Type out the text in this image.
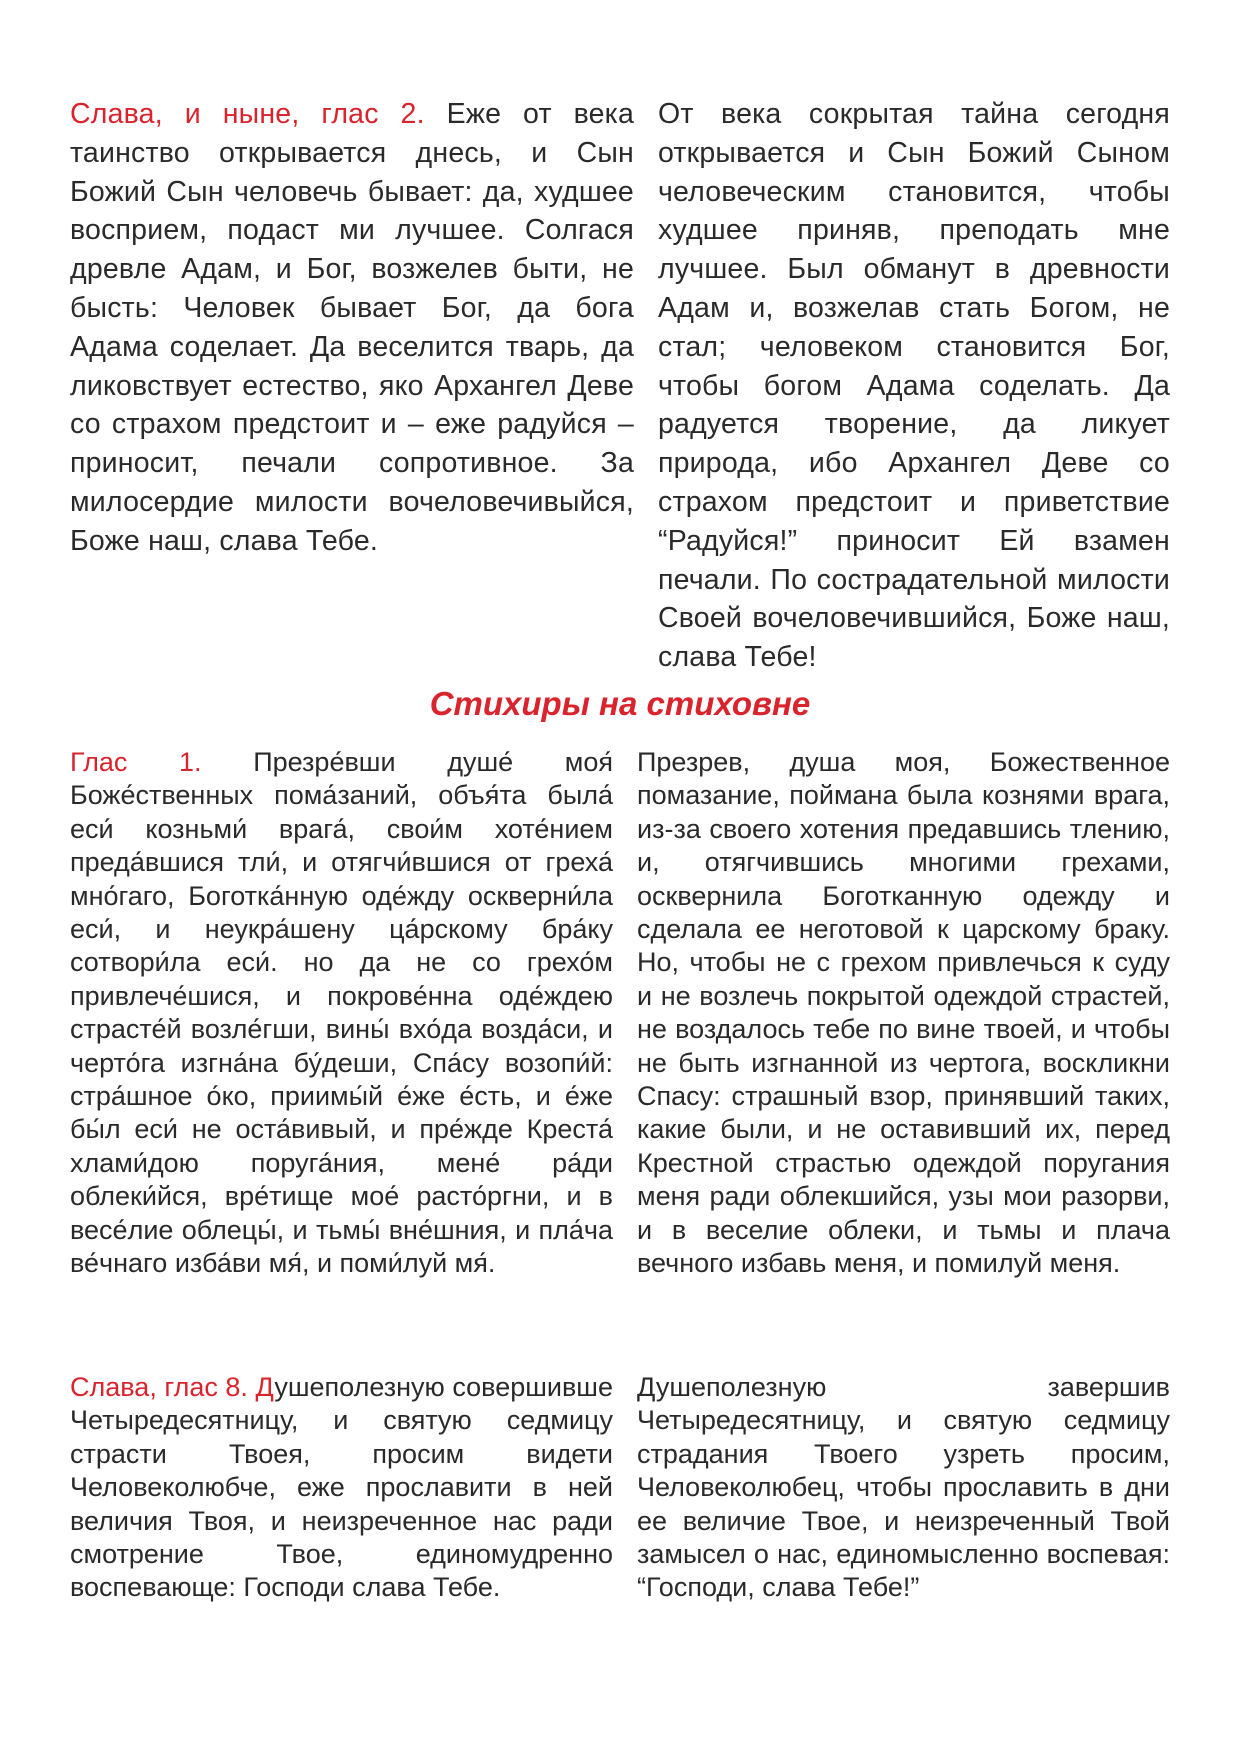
Слава, и ныне, глас 2. Еже от века таинство открывается днесь, и Сын Божий Сын человечь бывает: да, худшее восприем, подаст ми лучшее. Солгася древле Адам, и Бог, возжелев быти, не бысть: Человек бывает Бог, да бога Адама соделает. Да веселится тварь, да ликовствует естество, яко Архангел Деве со страхом предстоит и – еже радуйся – приносит, печали сопротивное. За милосердие милости вочеловечивыйся, Боже наш, слава Тебе.

От века сокрытая тайна сегодня открывается и Сын Божий Сыном человеческим становится, чтобы худшее приняв, преподать мне лучшее. Был обманут в древности Адам и, возжелав стать Богом, не стал; человеком становится Бог, чтобы богом Адама соделать. Да радуется творение, да ликует природа, ибо Архангел Деве со страхом предстоит и приветствие “Радуйся!” приносит Ей взамен печали. По сострадательной милости Своей вочеловечившийся, Боже наш, слава Тебе!

Стихиры на стиховне

Глас 1. Презре́вши душе́ моя́ Боже́ственных пома́заний, объя́та была́ еси́ козньми́ врага́, свои́м хоте́нием преда́вшися тли́, и отягчи́вшися от греха́ мно́гаго, Боготка́нную оде́жду оскверни́ла еси́, и неукра́шену ца́рскому бра́ку сотвори́ла еси́. но да не со грехо́м привлече́шися, и покрове́нна оде́ждею страсте́й возле́гши, вины́ вхо́да возда́си, и черто́га изгна́на бу́деши, Спа́су возопи́й: стра́шное о́ко, приимы́й е́же е́сть, и е́же бы́л еси́ не оста́вивый, и пре́жде Креста́ хлами́дою поруга́ния, мене́ ра́ди облеки́йся, вре́тище мое́ расто́ргни, и в весе́лие облецы́, и тьмы́ вне́шния, и пла́ча ве́чнаго изба́ви мя́, и поми́луй мя́.

Презрев, душа моя, Божественное помазание, поймана была кознями врага, из-за своего хотения предавшись тлению, и, отягчившись многими грехами, осквернила Боготканную одежду и сделала ее неготовой к царскому браку. Но, чтобы не с грехом привлечься к суду и не возлечь покрытой одеждой страстей, не воздалось тебе по вине твоей, и чтобы не быть изгнанной из чертога, воскликни Спасу: страшный взор, принявший таких, какие были, и не оставивший их, перед Крестной страстью одеждой поругания меня ради облекшийся, узы мои разорви, и в веселие облеки, и тьмы и плача вечного избавь меня, и помилуй меня.

Слава, глас 8. Душеполезную совершивше Четыредесятницу, и святую седмицу страсти Твоея, просим видети Человеколюбче, еже прославити в ней величия Твоя, и неизреченное нас ради смотрение Твое, единомудренно воспевающе: Господи слава Тебе.

Душеполезную завершив Четыредесятницу, и святую седмицу страдания Твоего узреть просим, Человеколюбец, чтобы прославить в дни ее величие Твое, и неизреченный Твой замысел о нас, единомысленно воспевая: “Господи, слава Тебе!”
